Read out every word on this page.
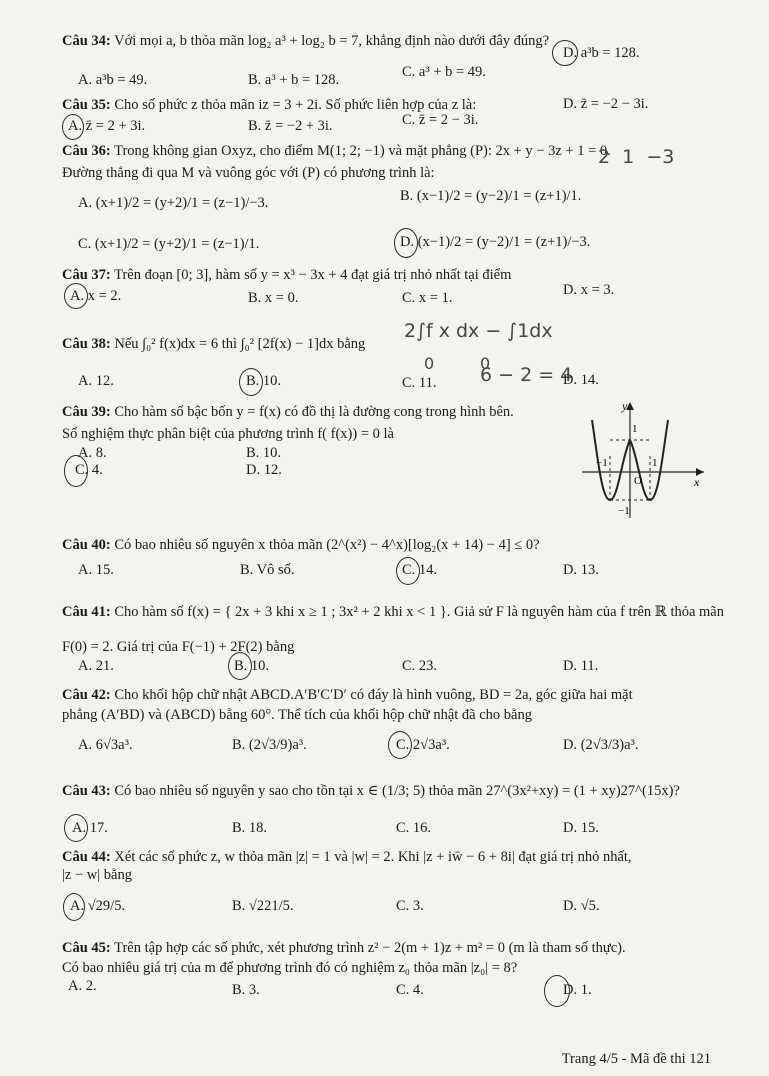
Câu 34: Với mọi a, b thỏa mãn log₂ a³ + log₂ b = 7, khẳng định nào dưới đây đúng?
A. a³b = 49.	B. a³ + b = 128.	C. a³ + b = 49.
D. a³b = 128.
Câu 35: Cho số phức z thỏa mãn iz = 3 + 2i. Số phức liên hợp của z là:
A. z̄ = 2 + 3i.	B. z̄ = −2 + 3i.	C. z̄ = 2 − 3i.
D. z̄ = −2 − 3i.
Câu 36: Trong không gian Oxyz, cho điểm M(1; 2; −1) và mặt phẳng (P): 2x + y − 3z + 1 = 0.
Đường thẳng đi qua M và vuông góc với (P) có phương trình là:
2  1  −3
A. (x+1)/2 = (y+2)/1 = (z−1)/−3.	B. (x−1)/2 = (y−2)/1 = (z+1)/1.
C. (x+1)/2 = (y+2)/1 = (z−1)/1.	D. (x−1)/2 = (y−2)/1 = (z+1)/−3.
Câu 37: Trên đoạn [0; 3], hàm số y = x³ − 3x + 4 đạt giá trị nhỏ nhất tại điểm
A. x = 2.	B. x = 0.	C. x = 1.	D. x = 3.
Câu 38: Nếu ∫₀² f(x)dx = 6 thì ∫₀² [2f(x) − 1]dx bằng
2∫f x dx − ∫1dx
0         0
6 − 2 = 4
A. 12.	B. 10.	C. 11.	D. 14.
Câu 39: Cho hàm số bậc bốn y = f(x) có đồ thị là đường cong trong hình bên.
Số nghiệm thực phân biệt của phương trình f( f(x)) = 0 là
A. 8.	B. 10.
C. 4.	D. 12.
y
x
O
1
−1
−1	1
Câu 40: Có bao nhiêu số nguyên x thỏa mãn (2^(x²) − 4^x)[log₂(x + 14) − 4] ≤ 0?
A. 15.	B. Vô số.	C. 14.	D. 13.
Câu 41: Cho hàm số f(x) = { 2x + 3 khi x ≥ 1 ; 3x² + 2 khi x < 1 }. Giả sử F là nguyên hàm của f trên ℝ thỏa mãn
F(0) = 2. Giá trị của F(−1) + 2F(2) bằng
A. 21.	B. 10.	C. 23.	D. 11.
Câu 42: Cho khối hộp chữ nhật ABCD.A′B′C′D′ có đáy là hình vuông, BD = 2a, góc giữa hai mặt
phẳng (A′BD) và (ABCD) bằng 60°. Thể tích của khối hộp chữ nhật đã cho bằng
A. 6√3a³.	B. (2√3/9)a³.	C. 2√3a³.	D. (2√3/3)a³.
Câu 43: Có bao nhiêu số nguyên y sao cho tồn tại x ∈ (1/3; 5) thỏa mãn 27^(3x²+xy) = (1 + xy)27^(15x)?
A. 17.	B. 18.	C. 16.	D. 15.
Câu 44: Xét các số phức z, w thỏa mãn |z| = 1 và |w| = 2. Khi |z + iw̄ − 6 + 8i| đạt giá trị nhỏ nhất,
|z − w| bằng
A. √29/5.	B. √221/5.	C. 3.	D. √5.
Câu 45: Trên tập hợp các số phức, xét phương trình z² − 2(m + 1)z + m² = 0 (m là tham số thực).
Có bao nhiêu giá trị của m để phương trình đó có nghiệm z₀ thỏa mãn |z₀| = 8?
A. 2.	B. 3.	C. 4.	D. 1.
Trang 4/5 - Mã đề thi 121
